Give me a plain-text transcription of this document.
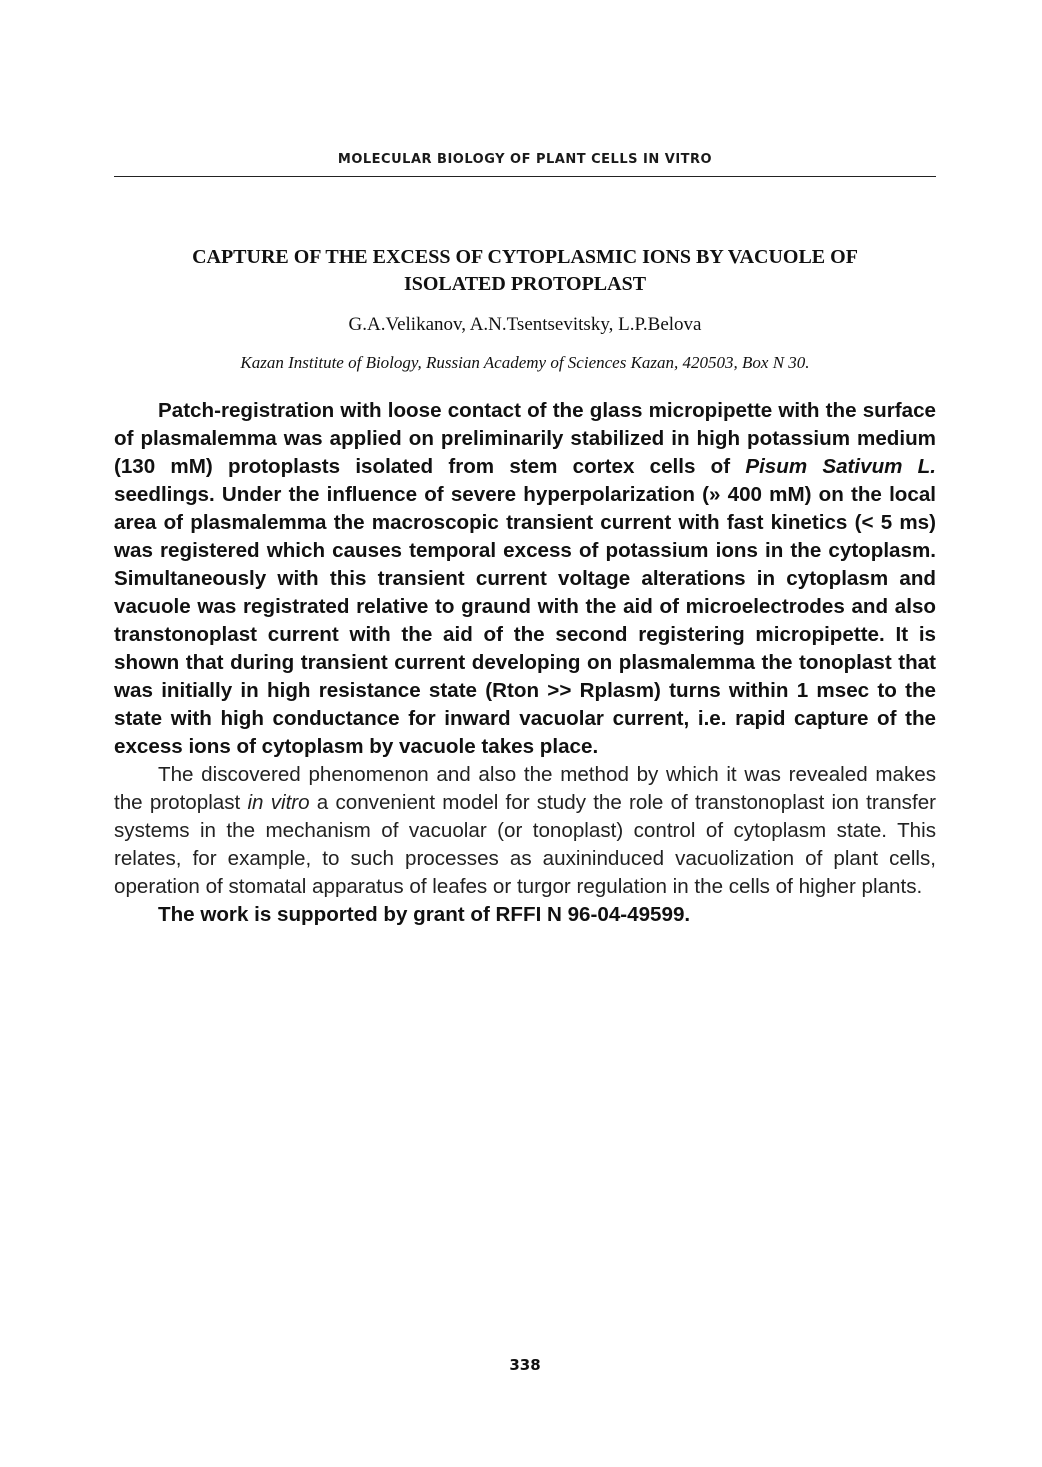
MOLECULAR BIOLOGY OF PLANT CELLS IN VITRO
CAPTURE OF THE EXCESS OF CYTOPLASMIC IONS BY VACUOLE OF
ISOLATED PROTOPLAST
G.A.Velikanov, A.N.Tsentsevitsky, L.P.Belova
Kazan Institute of Biology, Russian Academy of Sciences Kazan, 420503, Box N 30.

Patch-registration with loose contact of the glass micropipette with the surface of plasmalemma was applied on preliminarily stabilized in high potassium medium (130 mM) protoplasts isolated from stem cortex cells of Pisum Sativum L. seedlings. Under the influence of severe hyperpolarization (» 400 mM) on the local area of plasmalemma the macroscopic transient current with fast kinetics (< 5 ms) was registered which causes temporal excess of potassium ions in the cytoplasm. Simultaneously with this transient current voltage alterations in cytoplasm and vacuole was registrated relative to graund with the aid of microelectrodes and also transtonoplast current with the aid of the second registering micropipette. It is shown that during transient current developing on plasmalemma the tonoplast that was initially in high resistance state (Rton >> Rplasm) turns within 1 msec to the state with high conductance for inward vacuolar current, i.e. rapid capture of the excess ions of cytoplasm by vacuole takes place.

The discovered phenomenon and also the method by which it was revealed makes the protoplast in vitro a convenient model for study the role of transtonoplast ion transfer systems in the mechanism of vacuolar (or tonoplast) control of cytoplasm state. This relates, for example, to such processes as auxininduced vacuolization of plant cells, operation of stomatal apparatus of leafes or turgor regulation in the cells of higher plants.

The work is supported by grant of RFFI N 96-04-49599.

338
